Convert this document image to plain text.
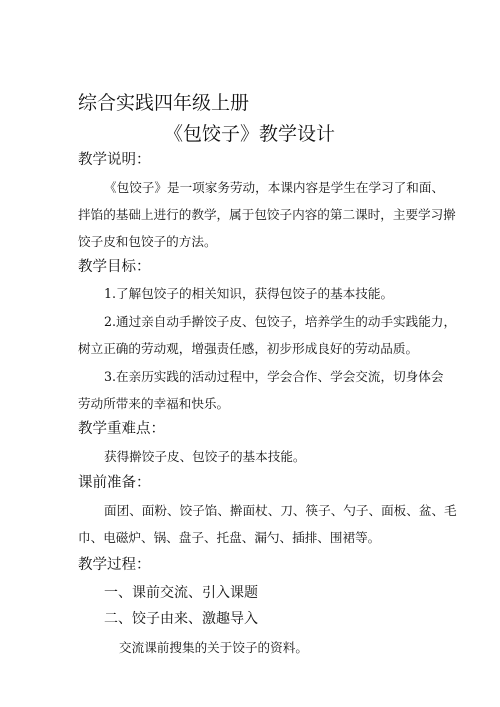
综合实践四年级上册
《包饺子》教学设计
教学说明：
《包饺子》是一项家务劳动，本课内容是学生在学习了和面、
拌馅的基础上进行的教学，属于包饺子内容的第二课时，主要学习擀
饺子皮和包饺子的方法。
教学目标：
1.了解包饺子的相关知识，获得包饺子的基本技能。
2.通过亲自动手擀饺子皮、包饺子，培养学生的动手实践能力，
树立正确的劳动观，增强责任感，初步形成良好的劳动品质。
3.在亲历实践的活动过程中，学会合作、学会交流，切身体会
劳动所带来的幸福和快乐。
教学重难点：
获得擀饺子皮、包饺子的基本技能。
课前准备：
面团、面粉、饺子馅、擀面杖、刀、筷子、勺子、面板、盆、毛
巾、电磁炉、锅、盘子、托盘、漏勺、插排、围裙等。
教学过程：
一、课前交流、引入课题
二、饺子由来、激趣导入
交流课前搜集的关于饺子的资料。
